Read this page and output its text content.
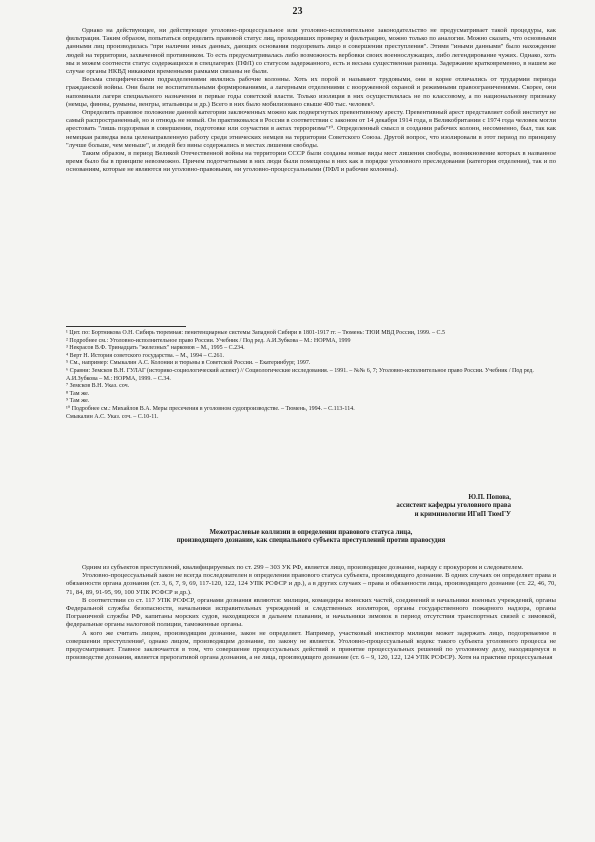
23

Однако на действующее, ни действующее уголовно-процессуальное или уголовно-исполнительное законодательство не предусматривает такой процедуры, как фильтрация. Таким образом, попытаться определить правовой статус лиц, проходивших проверку и фильтрацию, можно только по аналогии. Можно сказать, что основными данными лиц производилась "при наличии иных данных, дающих основания подозревать лицо в совершении преступления". Этими "иными данными" было нахождение людей на территории, захваченной противником. То есть предусматривалась либо возможность вербовки своих военнослужащих, либо легендирование чужих. Однако, хоть мы и можем соотнести статус содержащихся в спецлагерях (ПФЛ) со статусом задержанного, есть и весьма существенная разница. Задержание кратковременно, в нашем же случае органы НКВД никакими временными рамками связаны не были.

Весьма специфическими подразделениями являлись рабочие колонны. Хоть их порой и называют трудовыми, они в корне отличались от трудармии периода гражданской войны. Они были не воспитательными формированиями, а лагерными отделениями с вооруженной охраной и режимными правоограничениями. Скорее, они напоминали лагеря специального назначения в первые годы советской власти. Только изоляция в них осуществлялась не по классовому, а по национальному признаку (немцы, финны, румыны, венгры, итальянцы и др.) Всего в них было мобилизовано свыше 400 тыс. человек⁵.

Определить правовое положение данной категории заключенных можно как подвергнутых превентивному аресту. Превентивный арест представляет собой институт не самый распространенный, но и отнюдь не новый. Он практиковался в России в соответствии с законом от 14 декабря 1914 года, в Великобритании с 1974 года человек могли арестовать "лишь подозревая в совершении, подготовке или соучастии в актах терроризма"¹⁰. Определенный смысл в создании рабочих колонн, несомненно, был, так как немецкая разведка вела целенаправленную работу среди этнических немцев на территории Советского Союза. Другой вопрос, что изолировали в этот период по принципу "лучше больше, чем меньше", и людей без вины содержались в местах лишения свободы.

Таким образом, в период Великой Отечественной войны на территории СССР были созданы новые виды мест лишения свободы, возникновение которых в названное время было бы в принципе невозможно. Причем подотчетными в них люди были помещены в них как в порядке уголовного преследования (категория отделения), так и по основаниям, которые не являются ни уголовно-правовыми, ни уголовно-процессуальными (ПФЛ и рабочие колонны).

¹ Цит. по: Бортникова О.Н. Сибирь тюремная: пенитенциарные системы Западной Сибири в 1801-1917 гг. – Тюмень: ТЮИ МВД России, 1999. – С.5

² Подробнее см.: Уголовно-исполнительное право России. Учебник / Под ред. А.И.Зубкова – М.: НОРМА, 1999

³ Некрасов В.Ф. Тринадцать "железных" наркомов – М., 1995 – С.234.

⁴ Верт Н. История советского государства. – М., 1994 – С.261.

⁵ См., например: Смыкалин А.С. Колонии и тюрьмы в Советской России. – Екатеринбург, 1997.

⁶ Сравни: Земсков В.Н. ГУЛАГ (историко-социологический аспект) // Социологические исследования. – 1991. – №№ 6, 7; Уголовно-исполнительное право России. Учебник / Под ред. А.И.Зубкова – М.: НОРМА, 1999. – С.34.

⁷ Земсков В.Н. Указ. соч.

⁸ Там же.

⁹ Там же.

¹⁰ Подробнее см.: Михайлов В.А. Меры пресечения в уголовном судопроизводстве. – Тюмень, 1994. – С.113-114.

Смыкалин А.С. Указ. соч. – С.10-11.

Ю.П. Попова,
ассистент кафедры уголовного права
и криминологии ИГиП ТюмГУ
Межотраслевые коллизии в определении правового статуса лица,
производящего дознание, как специального субъекта преступлений против правосудия

Одним из субъектов преступлений, квалифицируемых по ст. 299 – 303 УК РФ, является лицо, производящее дознание, наряду с прокурором и следователем.

Уголовно-процессуальный закон не всегда последователен в определении правового статуса субъекта, производящего дознание. В одних случаях он определяет права и обязанности органа дознания (ст. 3, 6, 7, 9, 69, 117-120, 122, 124 УПК РСФСР и др.), а в других случаях – права и обязанности лица, производящего дознание (ст. 22, 46, 70, 71, 84, 89, 91-95, 99, 100 УПК РСФСР и др.).

В соответствии со ст. 117 УПК РСФСР, органами дознания являются: милиция, командиры воинских частей, соединений и начальники военных учреждений, органы Федеральной службы безопасности, начальники исправительных учреждений и следственных изоляторов, органы государственного пожарного надзора, органы Пограничной службы РФ, капитаны морских судов, находящихся в дальнем плавании, и начальники зимовок в период отсутствия транспортных связей с зимовкой, федеральные органы налоговой полиции, таможенные органы.

А кого же считать лицом, производящим дознание, закон не определяет. Например, участковый инспектор милиции может задержать лицо, подозреваемое в совершении преступления¹, однако лицом, производящим дознание, по закону не является. Уголовно-процессуальный кодекс такого субъекта уголовного процесса не предусматривает. Главное заключается в том, что совершение процессуальных действий и принятие процессуальных решений по уголовному делу, находящемуся в производстве дознания, является прерогативой органа дознания, а не лица, производящего дознание (ст. 6 – 9, 120, 122, 124 УПК РСФСР). Хотя на практике процессуальная
